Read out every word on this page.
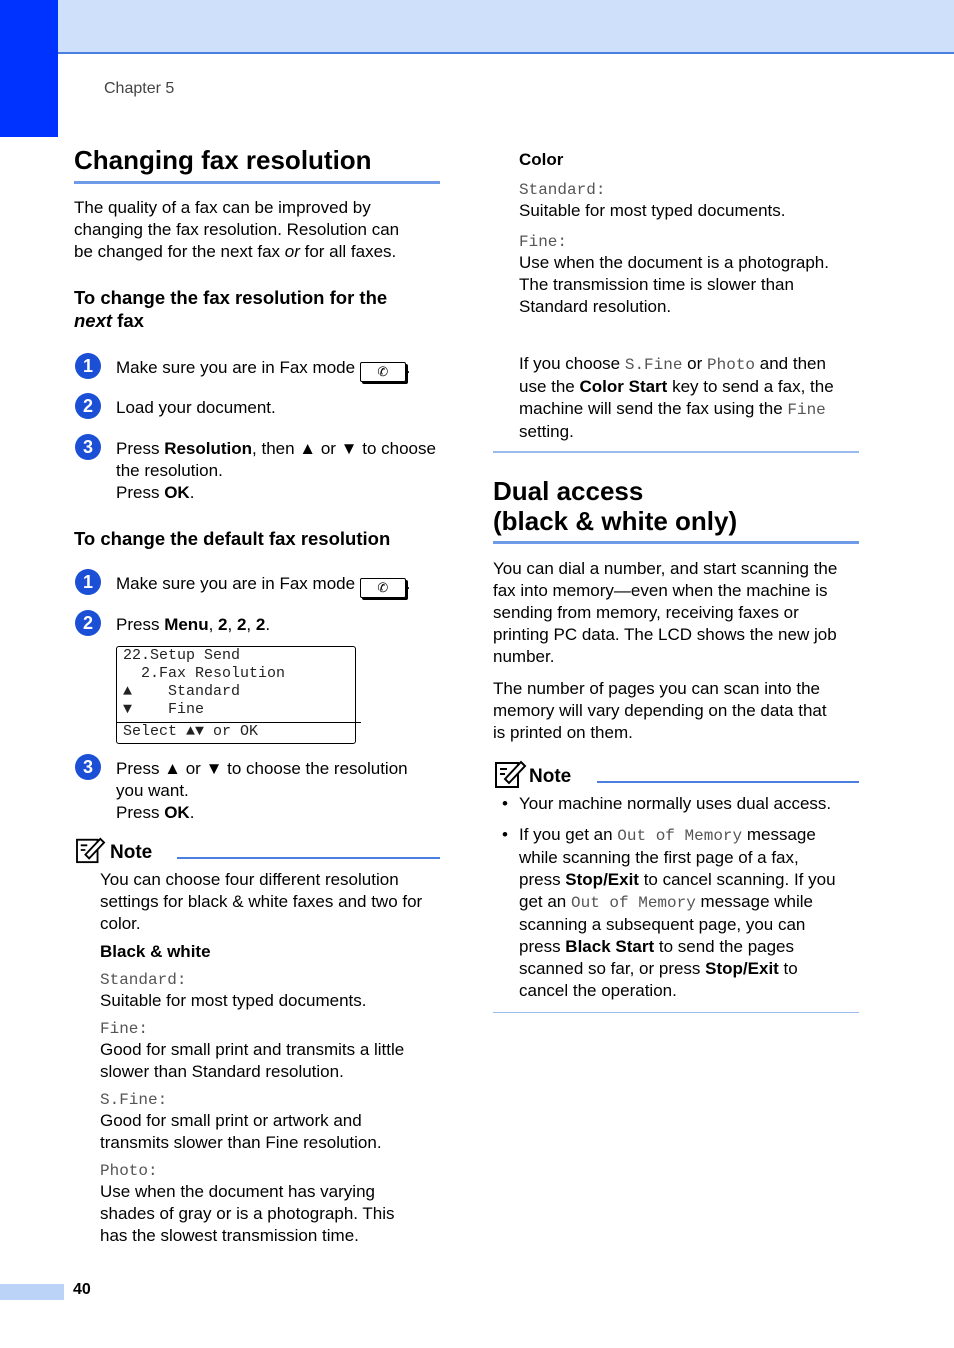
Chapter 5
Changing fax resolution
The quality of a fax can be improved by
changing the fax resolution. Resolution can
be changed for the next fax or for all faxes.
To change the fax resolution for the
next fax
1	Make sure you are in Fax mode ✆ .
2	Load your document.
3	Press Resolution, then ▲ or ▼ to choose
the resolution.
Press OK.
To change the default fax resolution
1	Make sure you are in Fax mode ✆ .
2	Press Menu, 2, 2, 2.
22.Setup Send
2.Fax Resolution
▲    Standard
▼    Fine
Select ▲▼ or OK
3	Press ▲ or ▼ to choose the resolution
you want.
Press OK.
Note
You can choose four different resolution
settings for black & white faxes and two for
color.
Black & white
Standard:
Suitable for most typed documents.
Fine:
Good for small print and transmits a little
slower than Standard resolution.
S.Fine:
Good for small print or artwork and
transmits slower than Fine resolution.
Photo:
Use when the document has varying
shades of gray or is a photograph. This
has the slowest transmission time.
Color
Standard:
Suitable for most typed documents.
Fine:
Use when the document is a photograph.
The transmission time is slower than
Standard resolution.
If you choose S.Fine or Photo and then
use the Color Start key to send a fax, the
machine will send the fax using the Fine
setting.
Dual access
(black & white only)
You can dial a number, and start scanning the
fax into memory—even when the machine is
sending from memory, receiving faxes or
printing PC data. The LCD shows the new job
number.
The number of pages you can scan into the
memory will vary depending on the data that
is printed on them.
Note
• Your machine normally uses dual access.
• If you get an Out of Memory message
while scanning the first page of a fax,
press Stop/Exit to cancel scanning. If you
get an Out of Memory message while
scanning a subsequent page, you can
press Black Start to send the pages
scanned so far, or press Stop/Exit to
cancel the operation.
40
